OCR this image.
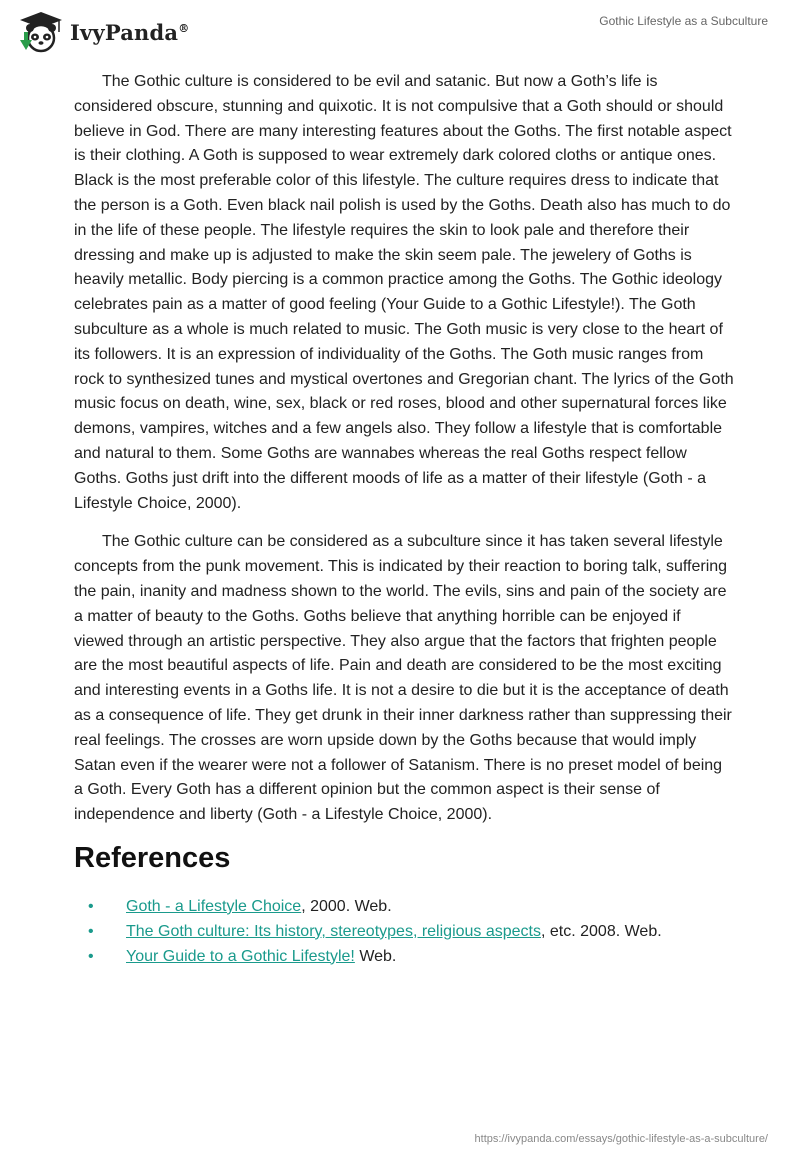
IvyPanda®	Gothic Lifestyle as a Subculture

The Gothic culture is considered to be evil and satanic. But now a Goth’s life is considered obscure, stunning and quixotic. It is not compulsive that a Goth should or should believe in God. There are many interesting features about the Goths. The first notable aspect is their clothing. A Goth is supposed to wear extremely dark colored cloths or antique ones. Black is the most preferable color of this lifestyle. The culture requires dress to indicate that the person is a Goth. Even black nail polish is used by the Goths. Death also has much to do in the life of these people. The lifestyle requires the skin to look pale and therefore their dressing and make up is adjusted to make the skin seem pale. The jewelery of Goths is heavily metallic. Body piercing is a common practice among the Goths. The Gothic ideology celebrates pain as a matter of good feeling (Your Guide to a Gothic Lifestyle!). The Goth subculture as a whole is much related to music. The Goth music is very close to the heart of its followers. It is an expression of individuality of the Goths. The Goth music ranges from rock to synthesized tunes and mystical overtones and Gregorian chant. The lyrics of the Goth music focus on death, wine, sex, black or red roses, blood and other supernatural forces like demons, vampires, witches and a few angels also. They follow a lifestyle that is comfortable and natural to them. Some Goths are wannabes whereas the real Goths respect fellow Goths. Goths just drift into the different moods of life as a matter of their lifestyle (Goth - a Lifestyle Choice, 2000).

The Gothic culture can be considered as a subculture since it has taken several lifestyle concepts from the punk movement. This is indicated by their reaction to boring talk, suffering the pain, inanity and madness shown to the world. The evils, sins and pain of the society are a matter of beauty to the Goths. Goths believe that anything horrible can be enjoyed if viewed through an artistic perspective. They also argue that the factors that frighten people are the most beautiful aspects of life. Pain and death are considered to be the most exciting and interesting events in a Goths life. It is not a desire to die but it is the acceptance of death as a consequence of life. They get drunk in their inner darkness rather than suppressing their real feelings. The crosses are worn upside down by the Goths because that would imply Satan even if the wearer were not a follower of Satanism. There is no preset model of being a Goth. Every Goth has a different opinion but the common aspect is their sense of independence and liberty (Goth - a Lifestyle Choice, 2000).

References
• Goth - a Lifestyle Choice, 2000. Web.
• The Goth culture: Its history, stereotypes, religious aspects, etc. 2008. Web.
• Your Guide to a Gothic Lifestyle! Web.
https://ivypanda.com/essays/gothic-lifestyle-as-a-subculture/
